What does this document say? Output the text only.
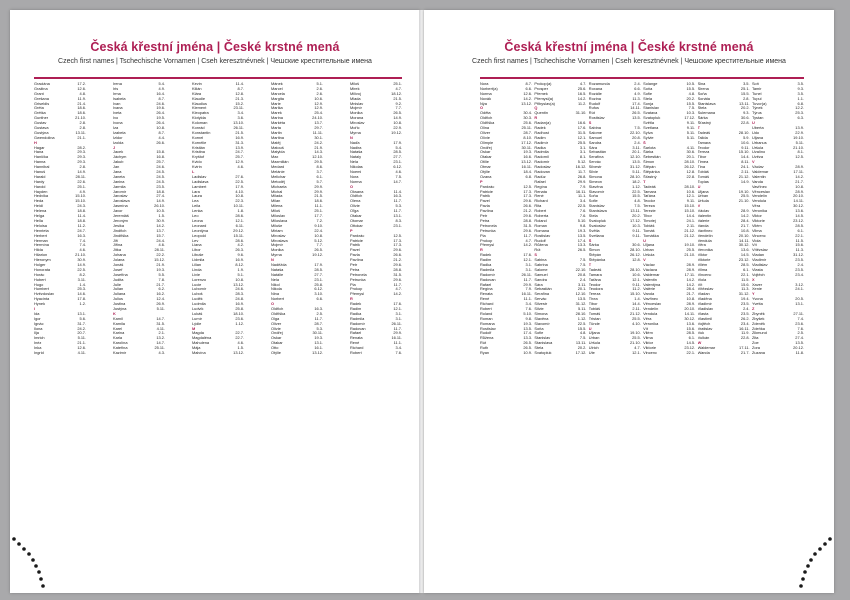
Česká křestní jména | České krstné mená
Czech first names | Tschechische Vornamen | Cseh keresztnévnek | Чешские крестительные имена
Graciána	17.2.
Gražina	12.6.
Grant	4.8.
Grešana	11.9.
Griseldis	21.4.
Gréta	18.6.
Grétka	18.6.
Gunther	21.10.
Gustav	2.8.
Gustava	2.8.
Gustýna	13.11.
Gwendolina	21.1.
H
Hagar	28.2.
Hana	29.3.
Hanička	29.3.
Hanna	29.3.
Hannibal	2.8.
Hanuš	14.9.
Harald	28.11.
Hardy	22.6.
Harold	25.1.
Hayden	4.9.
Hedvika	15.10.
Heda	15.10.
Heidi	24.3.
Helena	18.8.
Helga	11.4.
Hella	18.8.
Heloisa	11.2.
Henrieta	24.7.
Herbert	16.3.
Herman	7.4.
Hermína	7.4.
Hilda	4.6.
Hilarion	21.10.
Hieronym	30.9.
Holger	14.9.
Honorata	22.5.
Horác	8.2.
Hubert	3.11.
Hugo	1.4.
Humbert	25.3.
Hvězdoslav	14.6.
Hyacinta	17.8.
Hynek	1.2.
I
Ida	13.1.
Igor	5.6.
Ignác	31.7.
Ilona	24.2.
Ilja	20.7.
Imrich	5.11.
Inéz	21.1.
Inka	12.6.
Ingrid	4.11.
Irena	5.4.
Iris	4.9.
Irma	16.4.
Isabela	8.7.
Ivan	24.6.
Ivana	19.6.
Iveta	26.4.
Ivo	19.5.
Ivona	26.4.
Iza	10.8.
Izabela	8.7.
Izidor	4.4.
Izolda	26.6.
J
Jacek	15.8.
Jáchym	16.8.
Jakub	25.7.
Jan	24.6.
Jana	24.5.
Janeta	24.5.
Janina	24.5.
Jarmila	23.5.
Jaromír	18.8.
Jaroslav	27.4.
Jaroslava	14.9.
Jasmína	26.10.
Javor	10.5.
Jeremiáš	1.5.
Jeroným	30.9.
Jesika	14.2.
Jindřich	13.7.
Jindřiška	15.7.
Jiří	24.4.
Jiřina	4.6.
Jitka	28.11.
Johana	22.2.
Jolana	15.12.
Jonáš	21.9.
Josef	19.3.
Josefína	5.5.
Judita	7.8.
Julie	21.7.
Julian	6.2.
Juliana	16.2.
Julius	12.4.
Justina	26.9.
Justýna	5.11.
K
Kamil	14.7.
Kamila	31.5.
Karel	4.11.
Karina	2.1.
Karla	13.2.
Karolína	14.7.
Kateřina	25.11.
Kazimír	4.3.
Kevin	11.4.
Kilián	8.7.
Klára	12.8.
Klaudie	21.3.
Klaudius	15.2.
Klement	23.11.
Kleopatra	3.4.
Klotylda	3.6.
Koloman	13.10.
Konrád	26.11.
Konstantin	21.5.
Kornel	16.9.
Kornélie	31.3.
Kristián	13.9.
Kristina	24.7.
Kryštof	25.7.
Kvido	12.9.
Kvirin	4.6.
L
Ladislav	27.6.
Ladislava	22.5.
Lambert	17.9.
Lara	4.10.
Laura	10.8.
Lea	22.3.
Leila	10.11.
Lenka	1.8.
Leo	28.6.
Leona	12.1.
Leonard	6.11.
Leontýna	29.12.
Leopold	15.11.
Lev	28.6.
Liana	4.2.
Libor	26.3.
Libuše	9.6.
Lidmila	16.9.
Lilian	8.12.
Linda	1.9.
Livie	5.1.
Lorenzo	10.8.
Lucie	13.12.
Lubomír	24.6.
Luboš	28.3.
Luděk	24.8.
Ludmila	16.9.
Ludvík	25.8.
Lukáš	18.10.
Lumír	23.6.
Lýdie	1.12.
M
Magda	22.7.
Magdaléna	22.7.
Mahulena	4.6.
Mája	1.5.
Malvína	13.12.
Mánek	5.1.
Marcel	2.6.
Marcela	2.6.
Margita	10.6.
Marie	12.9.
Marika	12.9.
Marek	25.4.
Marina	24.10.
Markéta	13.7.
Marta	29.7.
Martin	11.11.
Martina	30.1.
Matěj	24.2.
Matouš	21.9.
Matylda	14.3.
Max	12.10.
Maxmilián	29.5.
Medard	8.6.
Melánie	3.7.
Melichar	6.1.
Metoděj	5.7.
Michaela	29.9.
Michal	29.9.
Milada	21.5.
Milan	18.6.
Milena	11.1.
Miloš	25.1.
Miloslav	17.7.
Miloslava	7.2.
Miluše	9.10.
Miriam	22.4.
Miroslav	10.8.
Miroslava	5.12.
Mojmír	7.7.
Monika	26.5.
Myrna	19.12.
N
Naděžda	17.9.
Nataša	28.5.
Natálie	27.7.
Nela	23.1.
Nikol	25.8.
Nikola	6.12.
Nina	3.10.
Norbert	6.6.
O
Oldřich	16.3.
Oldřiška	2.5.
Olga	11.7.
Oliver	28.7.
Olivie	5.3.
Ondřej	30.11.
Oskar	19.3.
Otakar	13.1.
Otto	16.1.
Otýlie	13.12.
Miloš	25.1.
Mirek	4.7.
Milivoj	18.12.
Mlada	21.5.
Mnislav	9.2.
Mojmír	7.7.
Monika	26.5.
Morana	14.9.
Miroslav	10.8.
Mořic	22.9.
Myrna	19.12.
N
Naďa	17.9.
Nadira	5.4.
Nataša	28.5.
Nataly	27.7.
Nela	23.1.
Nikolas	6.12.
Noemi	4.6.
Nora	7.5.
Norma	14.7.
O
Oksana	11.4.
Oldřich	16.3.
Olena	11.7.
Olivie	5.3.
Oľga	11.7.
Otakar	13.1.
Otomar	8.3.
Ottokar	23.1.
P
Pankrác	12.5.
Patricie	17.3.
Patrik	17.3.
Pavel	29.6.
Pavla	26.6.
Pavlína	21.2.
Petr	29.6.
Petra	28.8.
Petronela	31.5.
Petrunka	29.6.
Pia	11.7.
Prokop	4.7.
Přemysl	14.2.
R
Radek	17.6.
Radim	12.1.
Radka	3.1.
Radmila	3.1.
Radomír	26.11.
Radovan	11.7.
Rafael	29.9.
Renata	16.11.
René	11.1.
Richard	3.4.
Robert	7.6.
Česká křestní jména | České krstné mená
Czech first names | Tschechische Vornamen | Cseh keresztnévnek | Чешские крестительные имена
Nora	8.7.
Norbert(a)	6.6.
Norma	12.6.
Novák	14.2.
Nýa	13.12.
O
Oděta	30.4.
Oldřich	30.3.
Oldřiška	25.6.
Olina	25.11.
Oliver	28.7.
Olívie	8.10.
Olimpie	17.12.
Ondřej	30.11.
Oskar	19.3.
Otakar	16.6.
Otilie	13.12.
Otmar	16.11.
Otýlie	18.4.
Ozana	6.8.
P
Pankrác	12.5.
Patricie	17.3.
Patrik	17.3.
Pavel	29.6.
Pavla	26.6.
Pavlína	21.2.
Petr	29.6.
Petra	28.8.
Petronela	31.5.
Petrunka	29.6.
Pia	11.7.
Prokop	4.7.
Přemysl	14.2.
R
Radek	17.6.
Radim	12.1.
Radka	3.1.
Radmila	3.1.
Radomír	26.11.
Radovan	11.7.
Rafael	29.9.
Regína	7.9.
Renata	16.11.
René	11.1.
Richard	3.4.
Robert	7.6.
Roland	5.10.
Roman	9.8.
Romana	19.3.
Rostislav	13.5.
Rudolf	17.4.
Růžena	13.3.
Rút	26.5.
Ruth	26.5.
Ryan	10.9.
Prokop(a)	4.7.
Prosper	25.6.
Přemek	16.5.
Přemysl(a)	14.2.
Přibyslav(a)	11.2.
Q
Quentin	31.10.
R
Radan(a)	16.6.
Radek	17.6.
Radhost	31.5.
Radim	12.1.
Radimír	25.5.
Radka	3.1.
Radmila	3.1.
Radomil	8.1.
Radomír	5.12.
Radoslav	16.12.
Radovan	11.7.
Radúz	26.8.
Rafael	29.9.
Regína	7.9.
Renata	16.11.
René	11.1.
Richard	3.4.
Rita	22.5.
Robert	7.6.
Roberta	7.6.
Roland	5.10.
Roman	9.8.
Romana	19.3.
Rostislav	13.5.
Rudolf	17.4.
Růžena	13.3.
Rút	26.5.
S
Sabina	7.5.
Sabrina	7.5.
Salome	22.10.
Samuel	20.8.
Sandra	2.4.
Sára	3.11.
Sebastián	20.1.
Serafína	12.10.
Servác	13.5.
Silvestr	31.12.
Silvie	5.11.
Simona	28.10.
Slavěna	1.12.
Slavomír	22.5.
Soňa	15.5.
Sofie	4.8.
Stanislav	7.5.
Stanislava	13.11.
Stela	20.2.
Svatopluk	17.12.
Rozamunda	2.4.
Roxana	6.6.
Rozálie	4.9.
Rozina	11.3.
Rudolf	17.4.
Rufus	14.11.
Rút	26.5.
Rostislav	13.5.
S
Sabina	7.5.
Salome	22.10.
Samuel	20.8.
Sandra	2.4.
Sára	3.11.
Sebastián	20.1.
Serafína	12.10.
Servác	13.5.
Silvestr	31.12.
Silvie	5.11.
Simona	28.10.
Simeon	18.2.
Slavěna	1.12.
Slavomír	22.5.
Soňa	15.5.
Sofie	4.8.
Stanislav	7.5.
Stanislava	13.11.
Stela	20.2.
Svatopluk	17.12.
Svatoslav	10.3.
Světla	9.11.
Svetlana	9.11.
Š
Šárka	30.6.
Šimon	28.10.
Štěpán	26.12.
Štěpánka	12.8.
T
Tadeáš	28.10.
Tamara	10.6.
Taťána	12.1.
Teodor	9.11.
Teodora	11.2.
Tereza	15.10.
Thea	1.4.
Tibor	14.4.
Tobiáš	2.11.
Tomáš	21.12.
Tristan	25.5.
Tünde	4.10.
U
Uljana	19.10.
Urban	25.5.
Uršula	21.10.
Ulrich	4.7.
Ute	12.1.
Solange	10.5.
Soňa	15.5.
Sofie	4.8.
Stela	20.2.
Sonja	15.5.
Stanislav	7.5.
Svatava	10.3.
Svatopluk	17.12.
Světla	9.11.
Svetlana	9.11.
Sylva	5.11.
Sylvie	5.11.
Š
Šarlota	4.11.
Šárka	30.6.
Šebestián	20.1.
Šimon	28.10.
Štěpán	26.12.
Štěpánka	12.8.
Šťastný	22.8.
T
Tadeáš	28.10.
Tamara	10.6.
Taťána	12.1.
Teodor	9.11.
Tereza	15.10.
Terezie	15.10.
Tibor	14.4.
Timotej	24.1.
Tobiáš	2.11.
Tomáš	21.12.
Tomáška	21.12.
U
Uljana	19.10.
Urban	25.5.
Uršula	21.10.
V
Václav	28.9.
Václava	28.9.
Valdemar	17.11.
Valentin	14.2.
Valentýna	14.2.
Valérie	28.4.
Vanda	21.7.
Vavřinec	10.8.
Věnceslav	28.9.
Vendelín	20.10.
Vendula	14.11.
Věra	30.12.
Veronika	13.6.
Vít	15.6.
Vilém	28.5.
Vilma	6.1.
Viktor	14.5.
Viktorie	23.12.
Vincenc	22.1.
Sina	3.5.
Sirena	25.1.
Soňa	15.5.
Sonáta	2.8.
Stanislava	13.11.
Stela	20.2.
Sulemana	9.3.
Šárka	30.6.
Šťastný	22.8.
T
Tadeáš	28.10.
Talida	5.9.
Tamara	10.6.
Teodor	9.11.
Tereza	15.10.
Tibor	14.4.
Timea	8.11.
Tina	24.1.
Tobiáš	2.11.
Tomáš	21.12.
Topias	14.9.
U
Uljana	19.10.
Urban	25.5.
Uršula	21.10.
V
Václav	28.9.
Valentin	14.2.
Valerie	28.4.
Vanda	21.7.
Vavřinec	10.8.
Vendelín	20.10.
Vendula	14.11.
Věra	30.12.
Veronika	13.6.
Viktor	14.5.
Viktorie	23.12.
Vilém	28.5.
Vilma	6.1.
Vincenc	22.1.
Viola	11.5.
Vít	15.6.
Vítězslav	11.3.
Vladan	31.12.
Vladěna	19.4.
Vladimír	23.5.
Vladislav	2.4.
Vlasta	23.5.
Vlastimil	26.2.
Vojtěch	23.4.
Vratislav	16.11.
Vuk	11.9.
Vulkán	22.8.
W
Waldemar	17.11.
Wanda	21.7.
Soň	3.5.
Tamir	9.3.
Tunel	3.5.
Tupul	1.1.
Tuvor(a)	6.8.
Týnek	12.2.
Týrus	25.3.
Tystan	6.3.
U
Uberta	13.9.
Udo	22.9.
Uljana	19.10.
Urbanus	5.11.
Uršula	21.10.
Uvalíno	8.1.
Uvěza	12.5.
V
Václav	28.9.
Valdemar	17.11.
Valentin	14.2.
Vanda	21.7.
Vavřinec	10.8.
Věnceslav	28.9.
Vendelín	20.10.
Vendula	14.11.
Věra	30.12.
Veronika	13.6.
Viktor	14.5.
Viktorie	23.12.
Vilém	28.5.
Vilma	6.1.
Vincenc	22.1.
Viola	11.5.
Vít	15.6.
Vítězslav	11.3.
Vladan	31.12.
Vladimír	23.5.
Vladislav	2.4.
Vlasta	23.5.
Vojtěch	23.4.
X
Xaver	3.12.
Xenie	24.1.
Y
Yvona	20.5.
Yvetta	13.1.
Z
Zbyněk	27.11.
Zbyšek	7.4.
Zdeněk	23.6.
Zdeňka	7.6.
Zikmund	2.5.
Zita	27.4.
Zoe	13.5.
Zora	20.12.
Zuzana	11.8.
